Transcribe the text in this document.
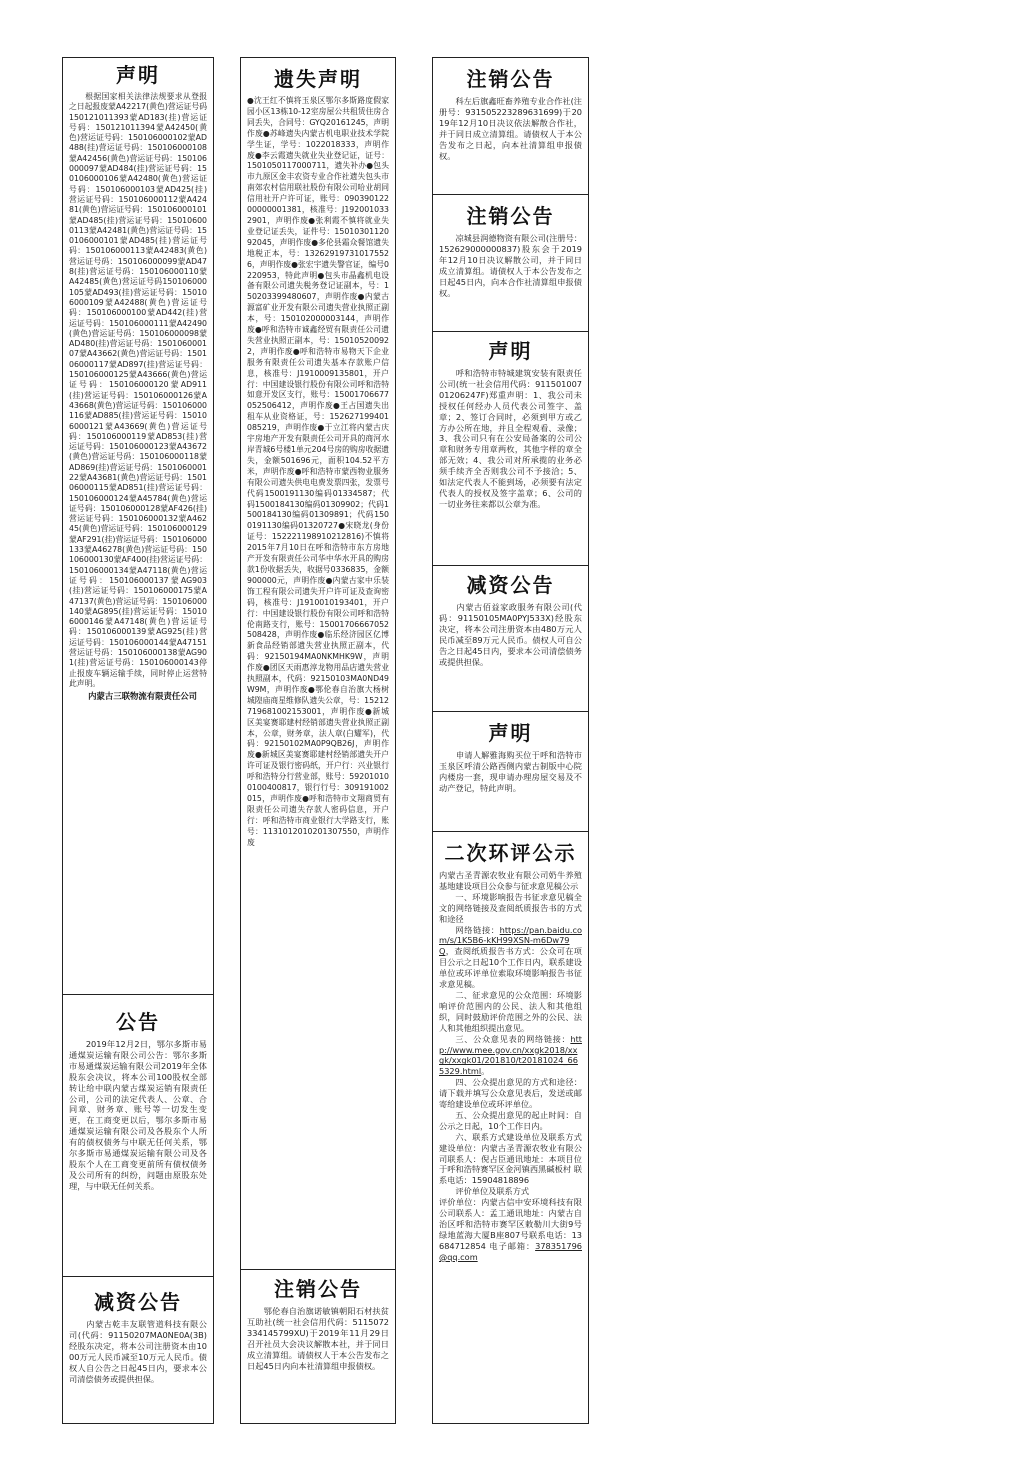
声明
　　根据国家相关法律法规要求从登报之日起报废蒙A42217(黄色)营运证号码150121011393蒙AD183(挂)营运证号码：150121011394蒙A42450(黄色)营运证号码：150106000102蒙AD488(挂)营运证号码：150106000108蒙A42456(黄色)营运证号码：150106000097蒙AD484(挂)营运证号码：150106000106蒙A42480(黄色)营运证号码：150106000103蒙AD425(挂)营运证号码：150106000112蒙A42481(黄色)营运证号码：150106000101蒙AD485(挂)营运证号码：150106000113蒙A42481(黄色)营运证号码：150106000101蒙AD485(挂)营运证号码：150106000113蒙A42483(黄色)营运证号码：150106000099蒙AD478(挂)营运证号码：150106000110蒙A42485(黄色)营运证号码150106000105蒙AD493(挂)营运证号码：150106000109蒙A42488(黄色)营运证号码：150106000100蒙AD442(挂)营运证号码：150106000111蒙A42490(黄色)营运证号码：150106000098蒙AD480(挂)营运证号码：150106000107蒙A43662(黄色)营运证号码：150106000117蒙AD897(挂)营运证号码：150106000125蒙A43666(黄色)营运证号码：150106000120蒙AD911(挂)营运证号码：150106000126蒙A43668(黄色)营运证号码：150106000116蒙AD885(挂)营运证号码：150106000121蒙A43669(黄色)营运证号码：150106000119蒙AD853(挂)营运证号码：150106000123蒙A43672(黄色)营运证号码：150106000118蒙AD869(挂)营运证号码：150106000122蒙A43681(黄色)营运证号码：150106000115蒙AD851(挂)营运证号码：150106000124蒙A45784(黄色)营运证号码：150106000128蒙AF426(挂)营运证号码：150106000132蒙A46245(黄色)营运证号码：150106000129蒙AF291(挂)营运证号码：150106000133蒙A46278(黄色)营运证号码：150106000130蒙AF400(挂)营运证号码：150106000134蒙A47118(黄色)营运证号码：150106000137蒙AG903(挂)营运证号码：150106000175蒙A47137(黄色)营运证号码：150106000140蒙AG895(挂)营运证号码：150106000146蒙A47148(黄色)营运证号码：150106000139蒙AG925(挂)营运证号码：150106000144蒙A47151营运证号码：150106000138蒙AG901(挂)营运证号码：150106000143停止报废车辆运输手续，同时停止运营特此声明。
内蒙古三联物流有限责任公司
公告
　　2019年12月2日，鄂尔多斯市易通煤炭运输有限公司公告：鄂尔多斯市易通煤炭运输有限公司2019年全体股东会决议，将本公司100股权全部转让给中联内蒙古煤炭运销有限责任公司，公司的法定代表人、公章、合同章、财务章、账号等一切发生变更，在工商变更以后，鄂尔多斯市易通煤炭运输有限公司及各股东个人所有的债权债务与中联无任何关系，鄂尔多斯市易通煤炭运输有限公司及各股东个人在工商变更前所有债权债务及公司所有的纠纷，问题由原股东处理，与中联无任何关系。
减资公告
　　内蒙古乾丰友联管道科技有限公司(代码：91150207MA0NE0A(3B)经股东决定，将本公司注册资本由1000万元人民币减至10万元人民币。债权人自公告之日起45日内，要求本公司清偿债务或提供担保。
遗失声明
●沈王红不慎将玉泉区鄂尔多斯路度假家园小区13栋10-12室房屋公共租赁住房合同丢失，合同号：GYQ20161245，声明作废●苏峰遗失内蒙古机电职业技术学院学生证，学号：1022018333，声明作废●李云霞遗失就业失业登记证，证号：1501050117000711，遗失补办●包头市九原区金丰农资专业合作社遗失包头市南郊农村信用联社股份有限公司哈业胡同信用社开户许可证，账号：09039012200000001381，核准号：J1920010332901，声明作废●张利霞不慎将就业失业登记证丢失，证件号：1501030112092045，声明作废●多伦县霜众餐馆遗失地税正本，号：132629197310175526，声明作废●张宏宇遗失警官证，编号0220953，特此声明●包头市晶鑫机电设备有限公司遗失税务登记证副本，号：150203399480607，声明作废●内蒙古源富矿业开发有限公司遗失营业执照正副本，号：150102000003144，声明作废●呼和浩特市诚鑫经贸有限责任公司遗失营业执照正副本，号：150105200922，声明作废●呼和浩特市易物天下企业服务有限责任公司遗失基本存款账户信息，核准号：J1910009135801，开户行：中国建设银行股份有限公司呼和浩特如意开发区支行，账号：15001706677052506412，声明作废●王占国遗失出租车从业资格证，号：152627199401085219，声明作废●于立江将内蒙古庆宇房地产开发有限责任公司开具的商河水岸青城6号楼1单元204号房的购房收据遗失，金额501696元，面积104.52平方米，声明作废●呼和浩特市蒙西物业服务有限公司遗失供电电费发票四张，发票号代码1500191130编码01334587；代码1500184130编码01309902；代码1500184130编码01309891；代码1500191130编码01320727●宋晓龙(身份证号：152221198910212816)不慎将2015年7月10日在呼和浩特市东方房地产开发有限责任公司华中华水开具的购房款1份收据丢失，收据号0336835，金额900000元，声明作废●内蒙古家中乐装饰工程有限公司遗失开户许可证及查询密码，核准号：J1910010193401，开户行：中国建设银行股份有限公司呼和浩特伦南路支行，账号：15001706667052508428，声明作废●临乐经济园区亿博新食品经销部遗失营业执照正副本，代码：92150194MA0NKMHK9W，声明作废●团区天雨惠淳龙物用品店遗失营业执照副本，代码：92150103MA0ND49W9M，声明作废●鄂伦春自治旗大杨树城隍庙商星维修队遗失公章，号：15212719681002153001，声明作废●新城区美宴赛耶建村经销部遗失营业执照正副本，公章，财务章，法人章(白耀军)，代码：92150102MA0P9QB26J，声明作废●新城区美宴赛耶建村经销部遗失开户许可证及银行密码纸，开户行：兴业银行呼和浩特分行营业部，账号：592010100100400817，银行行号：309191002015，声明作废●呼和浩特市文翔商贸有限责任公司遗失存款人密码信息，开户行：呼和浩特市商业银行大学路支行，账号：1131012010201307550，声明作废
注销公告
　　鄂伦春自治旗诺敏镇朝阳石材扶贫互助社(统一社会信用代码：5115072334145799XU)于2019年11月29日召开社员大会决议解散本社，并于同日成立清算组。请债权人于本公告发布之日起45日内向本社清算组申报债权。
注销公告
　　科左后旗鑫旺畜养殖专业合作社(注册号：931505223289631699)于2019年12月10日决议依法解散合作社，并于同日成立清算组。请债权人于本公告发布之日起，向本社清算组申报债权。
注销公告
　　凉城县润德物资有限公司(注册号：152629000000837)股东会于2019年12月10日决议解散公司，并于同日成立清算组。请债权人于本公告发布之日起45日内，向本合作社清算组申报债权。
声明
　　呼和浩特市特城建筑安装有限责任公司(统一社会信用代码：91150100701206247F)郑重声明：1、我公司未授权任何经办人员代表公司签字、盖章；2、签订合同时，必须到甲方或乙方办公所在地，并且全程观看、录像；3、我公司只有在公安局备案的公司公章和财务专用章两枚，其他字样的章全部无效；4、我公司对所承揽的业务必须手续齐全否则我公司不予接洽；5、如法定代表人不能到场，必须要有法定代表人的授权及签字盖章；6、公司的一切业务往来都以公章为准。
减资公告
　　内蒙古佰益家政服务有限公司(代码：91150105MA0PYJ533X)经股东决定，将本公司注册资本由480万元人民币减至89万元人民币。债权人可自公告之日起45日内，要求本公司清偿债务或提供担保。
声明
　　申请人解雅海购买位于呼和浩特市玉泉区呼清公路西侧内蒙古制版中心院内楼房一套，现申请办理房屋交易及不动产登记，特此声明。
二次环评公示
内蒙古圣青源农牧业有限公司奶牛养殖基地建设项目公众参与征求意见稿公示
一、环境影响报告书征求意见稿全文的网络链接及查阅纸质报告书的方式和途径
网络链接：https://pan.baidu.com/s/1K5B6-kKH99XSN-m6Dw79Q，查阅纸质报告书方式：公众可在项目公示之日起10个工作日内，联系建设单位或环评单位索取环境影响报告书征求意见稿。
二、征求意见的公众范围：环境影响评价范围内的公民、法人和其他组织，同时鼓励评价范围之外的公民、法人和其他组织提出意见。
三、公众意见表的网络链接：http://www.mee.gov.cn/xxgk2018/xxgk/xxgk01/201810/t20181024_665329.html。
四、公众提出意见的方式和途径：请下载并填写公众意见表后，发送或邮寄给建设单位或环评单位。
五、公众提出意见的起止时间：自公示之日起，10个工作日内。
六、联系方式建设单位及联系方式建设单位：内蒙古圣青源农牧业有限公司联系人：倪占臣通讯地址：本项目位于呼和浩特赛罕区金河镇西黑碱板村 联系电话：15904818896
评价单位及联系方式
评价单位：内蒙古信中安环境科技有限公司联系人：孟工通讯地址：内蒙古自治区呼和浩特市赛罕区敕勒川大街9号绿地蓝海大厦B座807号联系电话：13684712854 电子邮箱：378351796@qq.com
